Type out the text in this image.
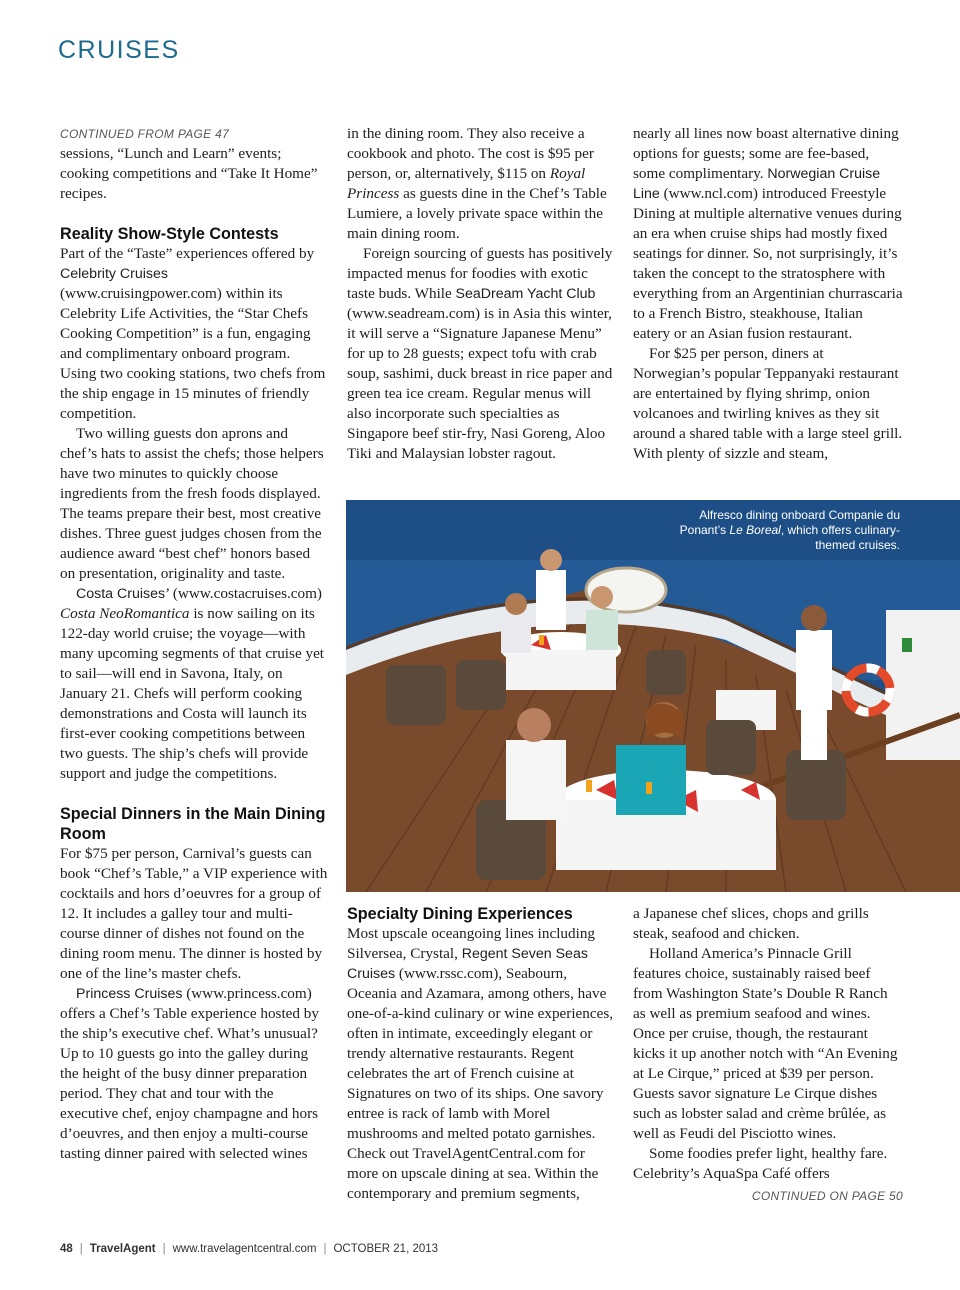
CRUISES
CONTINUED FROM PAGE 47

sessions, “Lunch and Learn” events; cooking competitions and “Take It Home” recipes.

Reality Show-Style Contests

Part of the “Taste” experiences offered by Celebrity Cruises (www.cruisingpower.com) within its Celebrity Life Activities, the “Star Chefs Cooking Competition” is a fun, engaging and complimentary onboard program. Using two cooking stations, two chefs from the ship engage in 15 minutes of friendly competition.

Two willing guests don aprons and chef’s hats to assist the chefs; those helpers have two minutes to quickly choose ingredients from the fresh foods displayed. The teams prepare their best, most creative dishes. Three guest judges chosen from the audience award “best chef” honors based on presentation, originality and taste.

Costa Cruises’ (www.costacruises.com) Costa NeoRomantica is now sailing on its 122-day world cruise; the voyage—with many upcoming segments of that cruise yet to sail—will end in Savona, Italy, on January 21. Chefs will perform cooking demonstrations and Costa will launch its first-ever cooking competitions between two guests. The ship’s chefs will provide support and judge the competitions.

Special Dinners in the Main Dining Room

For $75 per person, Carnival’s guests can book “Chef’s Table,” a VIP experience with cocktails and hors d’oeuvres for a group of 12. It includes a galley tour and multi-course dinner of dishes not found on the dining room menu. The dinner is hosted by one of the line’s master chefs.

Princess Cruises (www.princess.com) offers a Chef’s Table experience hosted by the ship’s executive chef. What’s unusual? Up to 10 guests go into the galley during the height of the busy dinner preparation period. They chat and tour with the executive chef, enjoy champagne and hors d’oeuvres, and then enjoy a multi-course tasting dinner paired with selected wines

in the dining room. They also receive a cookbook and photo. The cost is $95 per person, or, alternatively, $115 on Royal Princess as guests dine in the Chef’s Table Lumiere, a lovely private space within the main dining room.

Foreign sourcing of guests has positively impacted menus for foodies with exotic taste buds. While SeaDream Yacht Club (www.seadream.com) is in Asia this winter, it will serve a “Signature Japanese Menu” for up to 28 guests; expect tofu with crab soup, sashimi, duck breast in rice paper and green tea ice cream. Regular menus will also incorporate such specialties as Singapore beef stir-fry, Nasi Goreng, Aloo Tiki and Malaysian lobster ragout.

nearly all lines now boast alternative dining options for guests; some are fee-based, some complimentary. Norwegian Cruise Line (www.ncl.com) introduced Freestyle Dining at multiple alternative venues during an era when cruise ships had mostly fixed seatings for dinner. So, not surprisingly, it’s taken the concept to the stratosphere with everything from an Argentinian churrascaria to a French Bistro, steakhouse, Italian eatery or an Asian fusion restaurant.

For $25 per person, diners at Norwegian’s popular Teppanyaki restaurant are entertained by flying shrimp, onion volcanoes and twirling knives as they sit around a shared table with a large steel grill. With plenty of sizzle and steam,

Alfresco dining onboard Companie du Ponant’s Le Boreal, which offers culinary-themed cruises.
Specialty Dining Experiences

Most upscale oceangoing lines including Silversea, Crystal, Regent Seven Seas Cruises (www.rssc.com), Seabourn, Oceania and Azamara, among others, have one-of-a-kind culinary or wine experiences, often in intimate, exceedingly elegant or trendy alternative restaurants. Regent celebrates the art of French cuisine at Signatures on two of its ships. One savory entree is rack of lamb with Morel mushrooms and melted potato garnishes. Check out TravelAgentCentral.com for more on upscale dining at sea. Within the contemporary and premium segments,

a Japanese chef slices, chops and grills steak, seafood and chicken.

Holland America’s Pinnacle Grill features choice, sustainably raised beef from Washington State’s Double R Ranch as well as premium seafood and wines. Once per cruise, though, the restaurant kicks it up another notch with “An Evening at Le Cirque,” priced at $39 per person. Guests savor signature Le Cirque dishes such as lobster salad and crème brûlée, as well as Feudi del Pisciotto wines.

Some foodies prefer light, healthy fare. Celebrity’s AquaSpa Café offers

CONTINUED ON PAGE 50
48 | TravelAgent | www.travelagentcentral.com | OCTOBER 21, 2013
